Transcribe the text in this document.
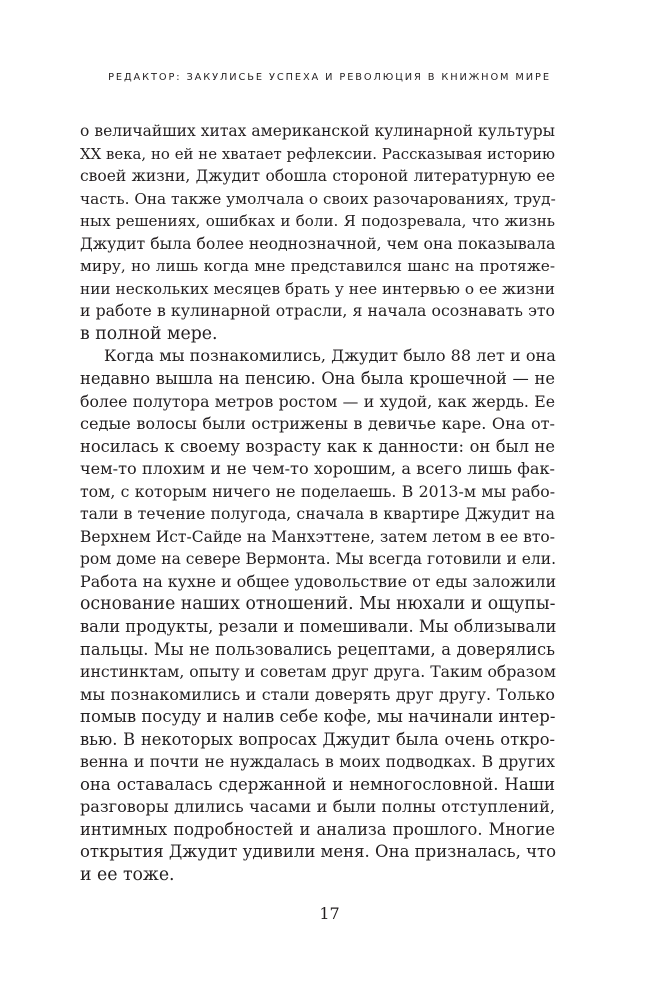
РЕДАКТОР: ЗАКУЛИСЬЕ УСПЕХА И РЕВОЛЮЦИЯ В КНИЖНОМ МИРЕ
о величайших хитах американской кулинарной культуры
XX века, но ей не хватает рефлексии. Рассказывая историю
своей жизни, Джудит обошла стороной литературную ее
часть. Она также умолчала о своих разочарованиях, труд-
ных решениях, ошибках и боли. Я подозревала, что жизнь
Джудит была более неоднозначной, чем она показывала
миру, но лишь когда мне представился шанс на протяже-
нии нескольких месяцев брать у нее интервью о ее жизни
и работе в кулинарной отрасли, я начала осознавать это
в полной мере.
Когда мы познакомились, Джудит было 88 лет и она
недавно вышла на пенсию. Она была крошечной — не
более полутора метров ростом — и худой, как жердь. Ее
седые волосы были острижены в девичье каре. Она от-
носилась к своему возрасту как к данности: он был не
чем-то плохим и не чем-то хорошим, а всего лишь фак-
том, с которым ничего не поделаешь. В 2013-м мы рабо-
тали в течение полугода, сначала в квартире Джудит на
Верхнем Ист-Сайде на Манхэттене, затем летом в ее вто-
ром доме на севере Вермонта. Мы всегда готовили и ели.
Работа на кухне и общее удовольствие от еды заложили
основание наших отношений. Мы нюхали и ощупы-
вали продукты, резали и помешивали. Мы облизывали
пальцы. Мы не пользовались рецептами, а доверялись
инстинктам, опыту и советам друг друга. Таким образом
мы познакомились и стали доверять друг другу. Только
помыв посуду и налив себе кофе, мы начинали интер-
вью. В некоторых вопросах Джудит была очень откро-
венна и почти не нуждалась в моих подводках. В других
она оставалась сдержанной и немногословной. Наши
разговоры длились часами и были полны отступлений,
интимных подробностей и анализа прошлого. Многие
открытия Джудит удивили меня. Она призналась, что
и ее тоже.
17
